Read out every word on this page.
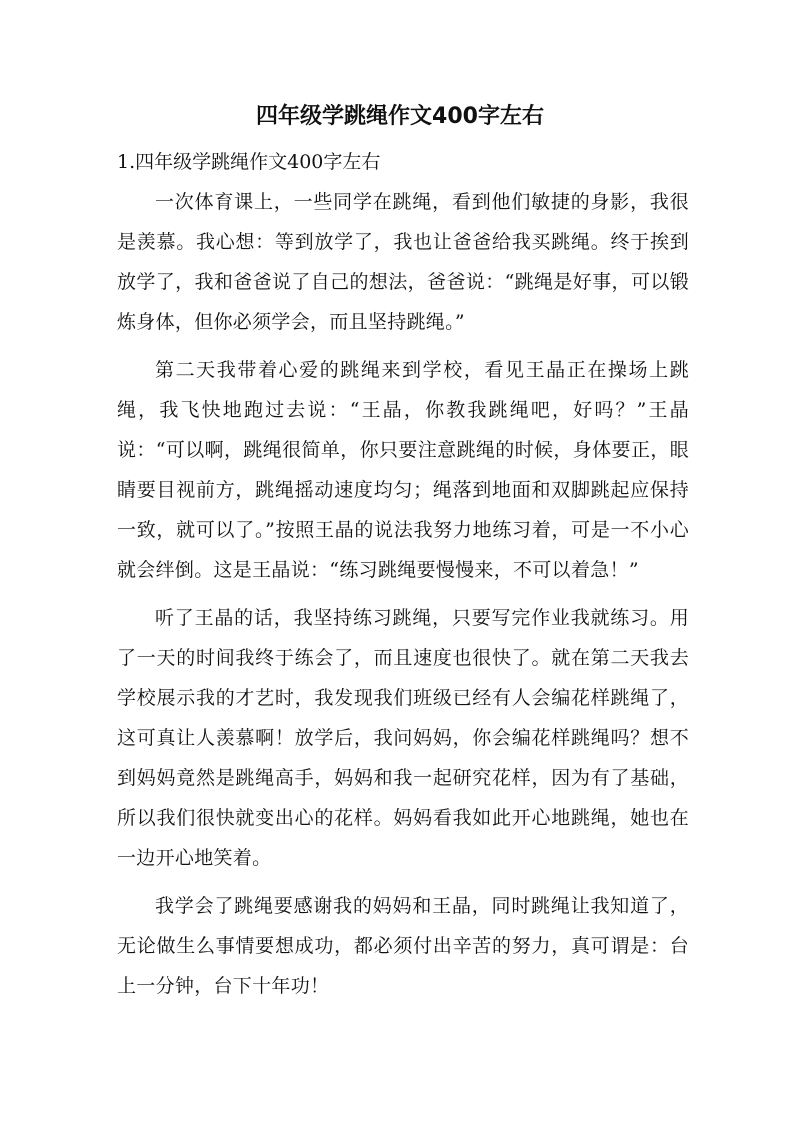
四年级学跳绳作文400字左右

1.四年级学跳绳作文400字左右

一次体育课上，一些同学在跳绳，看到他们敏捷的身影，我很是羡慕。我心想：等到放学了，我也让爸爸给我买跳绳。终于挨到放学了，我和爸爸说了自己的想法，爸爸说：“跳绳是好事，可以锻炼身体，但你必须学会，而且坚持跳绳。”

第二天我带着心爱的跳绳来到学校，看见王晶正在操场上跳绳，我飞快地跑过去说：“王晶，你教我跳绳吧，好吗？”王晶说：“可以啊，跳绳很简单，你只要注意跳绳的时候，身体要正，眼睛要目视前方，跳绳摇动速度均匀；绳落到地面和双脚跳起应保持一致，就可以了。”按照王晶的说法我努力地练习着，可是一不小心就会绊倒。这是王晶说：“练习跳绳要慢慢来，不可以着急！”

听了王晶的话，我坚持练习跳绳，只要写完作业我就练习。用了一天的时间我终于练会了，而且速度也很快了。就在第二天我去学校展示我的才艺时，我发现我们班级已经有人会编花样跳绳了，这可真让人羡慕啊！放学后，我问妈妈，你会编花样跳绳吗？想不到妈妈竟然是跳绳高手，妈妈和我一起研究花样，因为有了基础，所以我们很快就变出心的花样。妈妈看我如此开心地跳绳，她也在一边开心地笑着。

我学会了跳绳要感谢我的妈妈和王晶，同时跳绳让我知道了，无论做生么事情要想成功，都必须付出辛苦的努力，真可谓是：台上一分钟，台下十年功！
